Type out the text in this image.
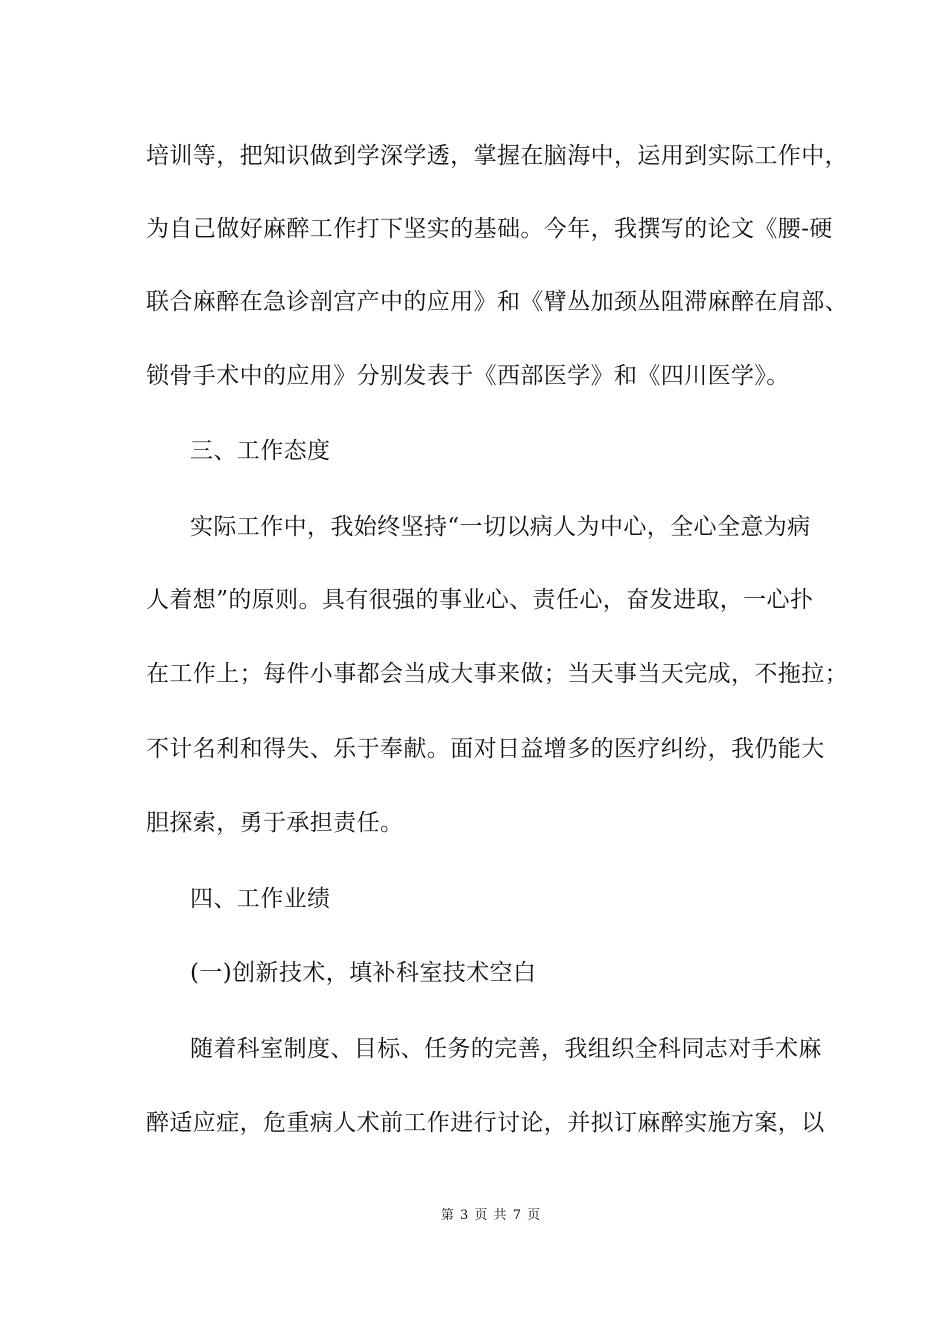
培训等，把知识做到学深学透，掌握在脑海中，运用到实际工作中，
为自己做好麻醉工作打下坚实的基础。今年，我撰写的论文《腰-硬
联合麻醉在急诊剖宫产中的应用》和《臂丛加颈丛阻滞麻醉在肩部、
锁骨手术中的应用》分别发表于《西部医学》和《四川医学》。
三、工作态度
实际工作中，我始终坚持“一切以病人为中心，全心全意为病
人着想”的原则。具有很强的事业心、责任心，奋发进取，一心扑
在工作上；每件小事都会当成大事来做；当天事当天完成，不拖拉；
不计名利和得失、乐于奉献。面对日益增多的医疗纠纷，我仍能大
胆探索，勇于承担责任。
四、工作业绩
(一)创新技术，填补科室技术空白
随着科室制度、目标、任务的完善，我组织全科同志对手术麻
醉适应症，危重病人术前工作进行讨论，并拟订麻醉实施方案，以
第 3 页 共 7 页
